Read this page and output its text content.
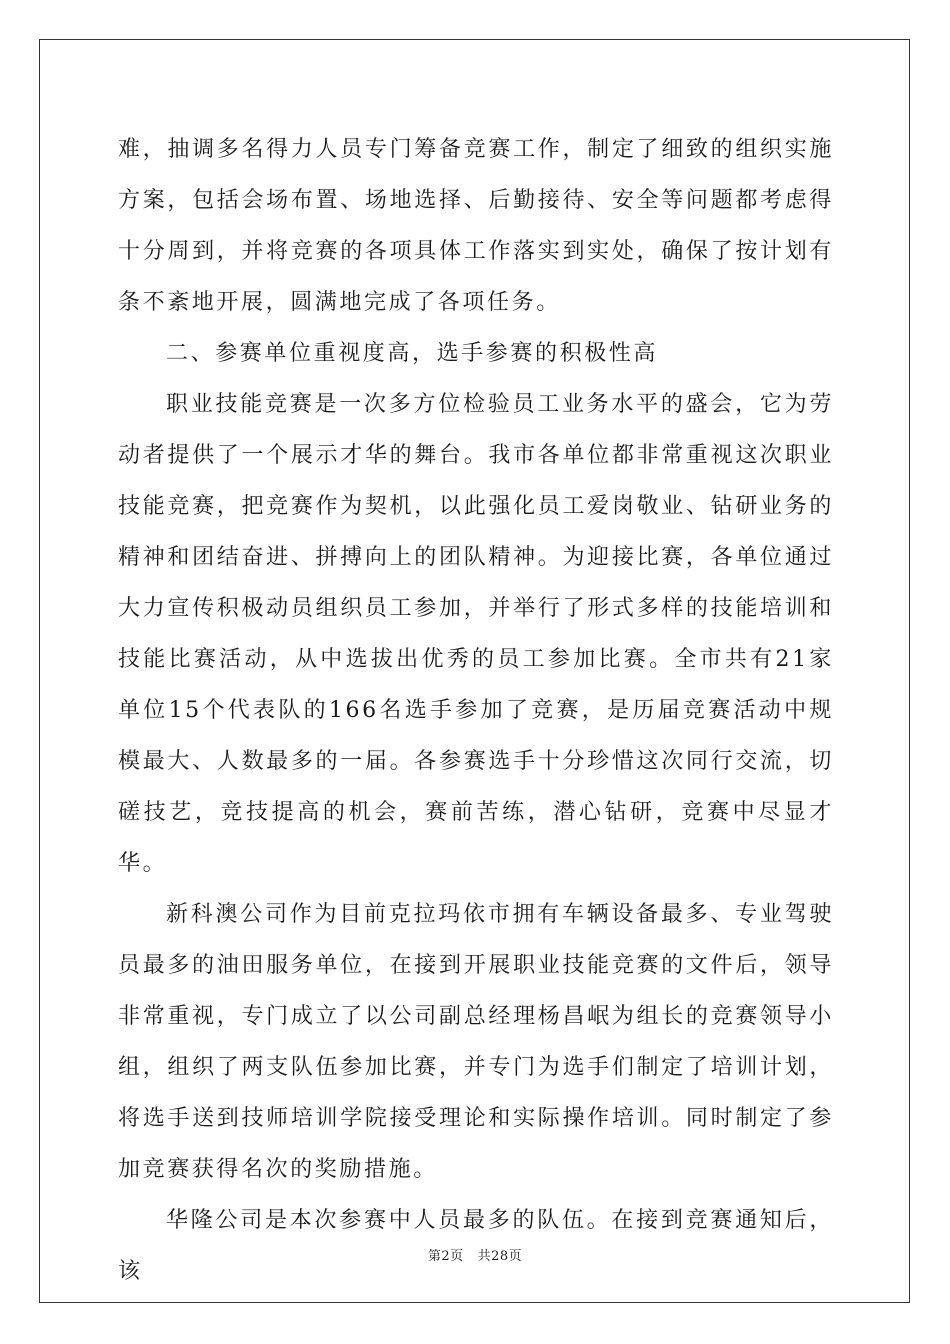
难，抽调多名得力人员专门筹备竞赛工作，制定了细致的组织实施方案，包括会场布置、场地选择、后勤接待、安全等问题都考虑得十分周到，并将竞赛的各项具体工作落实到实处，确保了按计划有条不紊地开展，圆满地完成了各项任务。

二、参赛单位重视度高，选手参赛的积极性高

职业技能竞赛是一次多方位检验员工业务水平的盛会，它为劳动者提供了一个展示才华的舞台。我市各单位都非常重视这次职业技能竞赛，把竞赛作为契机，以此强化员工爱岗敬业、钻研业务的精神和团结奋进、拼搏向上的团队精神。为迎接比赛，各单位通过大力宣传积极动员组织员工参加，并举行了形式多样的技能培训和技能比赛活动，从中选拔出优秀的员工参加比赛。全市共有21家单位15个代表队的166名选手参加了竞赛，是历届竞赛活动中规模最大、人数最多的一届。各参赛选手十分珍惜这次同行交流，切磋技艺，竞技提高的机会，赛前苦练，潜心钻研，竞赛中尽显才华。

新科澳公司作为目前克拉玛依市拥有车辆设备最多、专业驾驶员最多的油田服务单位，在接到开展职业技能竞赛的文件后，领导非常重视，专门成立了以公司副总经理杨昌岷为组长的竞赛领导小组，组织了两支队伍参加比赛，并专门为选手们制定了培训计划，将选手送到技师培训学院接受理论和实际操作培训。同时制定了参加竞赛获得名次的奖励措施。

华隆公司是本次参赛中人员最多的队伍。在接到竞赛通知后，该

第2页 共28页
